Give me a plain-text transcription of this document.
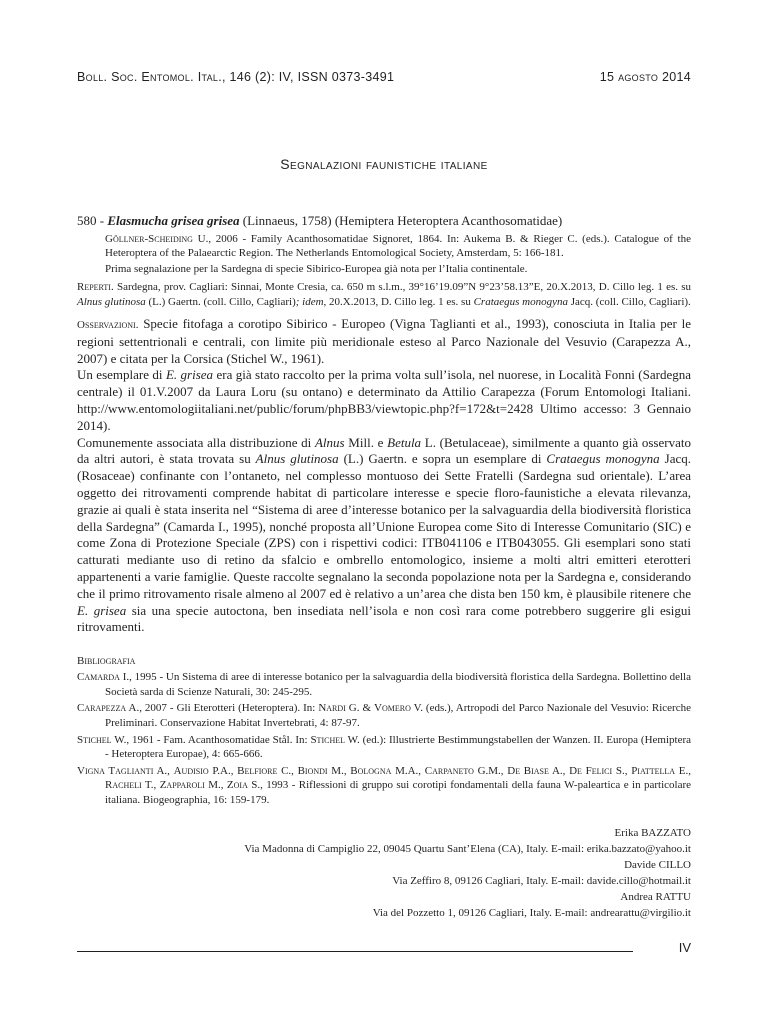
Boll. Soc. Entomol. Ital., 146 (2): IV, ISSN 0373-3491	15 agosto 2014
Segnalazioni faunistiche italiane

580 - Elasmucha grisea grisea (Linnaeus, 1758) (Hemiptera Heteroptera Acanthosomatidae)

Göllner-Scheiding U., 2006 - Family Acanthosomatidae Signoret, 1864. In: Aukema B. & Rieger C. (eds.). Catalogue of the Heteroptera of the Palaearctic Region. The Netherlands Entomological Society, Amsterdam, 5: 166-181.

Prima segnalazione per la Sardegna di specie Sibirico-Europea già nota per l’Italia continentale.

Reperti. Sardegna, prov. Cagliari: Sinnai, Monte Cresia, ca. 650 m s.l.m., 39°16’19.09”N 9°23’58.13”E, 20.X.2013, D. Cillo leg. 1 es. su Alnus glutinosa (L.) Gaertn. (coll. Cillo, Cagliari); idem, 20.X.2013, D. Cillo leg. 1 es. su Crataegus monogyna Jacq. (coll. Cillo, Cagliari).

Osservazioni. Specie fitofaga a corotipo Sibirico - Europeo (Vigna Taglianti et al., 1993), conosciuta in Italia per le regioni settentrionali e centrali, con limite più meridionale esteso al Parco Nazionale del Vesuvio (Carapezza A., 2007) e citata per la Corsica (Stichel W., 1961).

Un esemplare di E. grisea era già stato raccolto per la prima volta sull’isola, nel nuorese, in Località Fonni (Sardegna centrale) il 01.V.2007 da Laura Loru (su ontano) e determinato da Attilio Carapezza (Forum Entomologi Italiani. http://www.entomologiitaliani.net/public/forum/phpBB3/viewtopic.php?f=172&t=2428 Ultimo accesso: 3 Gennaio 2014).

Comunemente associata alla distribuzione di Alnus Mill. e Betula L. (Betulaceae), similmente a quanto già osservato da altri autori, è stata trovata su Alnus glutinosa (L.) Gaertn. e sopra un esemplare di Crataegus monogyna Jacq. (Rosaceae) confinante con l’ontaneto, nel complesso montuoso dei Sette Fratelli (Sardegna sud orientale). L’area oggetto dei ritrovamenti comprende habitat di particolare interesse e specie floro-faunistiche a elevata rilevanza, grazie ai quali è stata inserita nel “Sistema di aree d’interesse botanico per la salvaguardia della biodiversità floristica della Sardegna” (Camarda I., 1995), nonché proposta all’Unione Europea come Sito di Interesse Comunitario (SIC) e come Zona di Protezione Speciale (ZPS) con i rispettivi codici: ITB041106 e ITB043055. Gli esemplari sono stati catturati mediante uso di retino da sfalcio e ombrello entomologico, insieme a molti altri emitteri eterotteri appartenenti a varie famiglie. Queste raccolte segnalano la seconda popolazione nota per la Sardegna e, considerando che il primo ritrovamento risale almeno al 2007 ed è relativo a un’area che dista ben 150 km, è plausibile ritenere che E. grisea sia una specie autoctona, ben insediata nell’isola e non così rara come potrebbero suggerire gli esigui ritrovamenti.

Bibliografia

Camarda I., 1995 - Un Sistema di aree di interesse botanico per la salvaguardia della biodiversità floristica della Sardegna. Bollettino della Società sarda di Scienze Naturali, 30: 245-295.

Carapezza A., 2007 - Gli Eterotteri (Heteroptera). In: Nardi G. & Vomero V. (eds.), Artropodi del Parco Nazionale del Vesuvio: Ricerche Preliminari. Conservazione Habitat Invertebrati, 4: 87-97.

Stichel W., 1961 - Fam. Acanthosomatidae Stål. In: Stichel W. (ed.): Illustrierte Bestimmungstabellen der Wanzen. II. Europa (Hemiptera - Heteroptera Europae), 4: 665-666.

Vigna Taglianti A., Audisio P.A., Belfiore C., Biondi M., Bologna M.A., Carpaneto G.M., De Biase A., De Felici S., Piattella E., Racheli T., Zapparoli M., Zoia S., 1993 - Riflessioni di gruppo sui corotipi fondamentali della fauna W-paleartica e in particolare italiana. Biogeographia, 16: 159-179.

Erika BAZZATO
Via Madonna di Campiglio 22, 09045 Quartu Sant’Elena (CA), Italy. E-mail: erika.bazzato@yahoo.it
Davide CILLO
Via Zeffiro 8, 09126 Cagliari, Italy. E-mail: davide.cillo@hotmail.it
Andrea RATTU
Via del Pozzetto 1, 09126 Cagliari, Italy. E-mail: andrearattu@virgilio.it
IV
